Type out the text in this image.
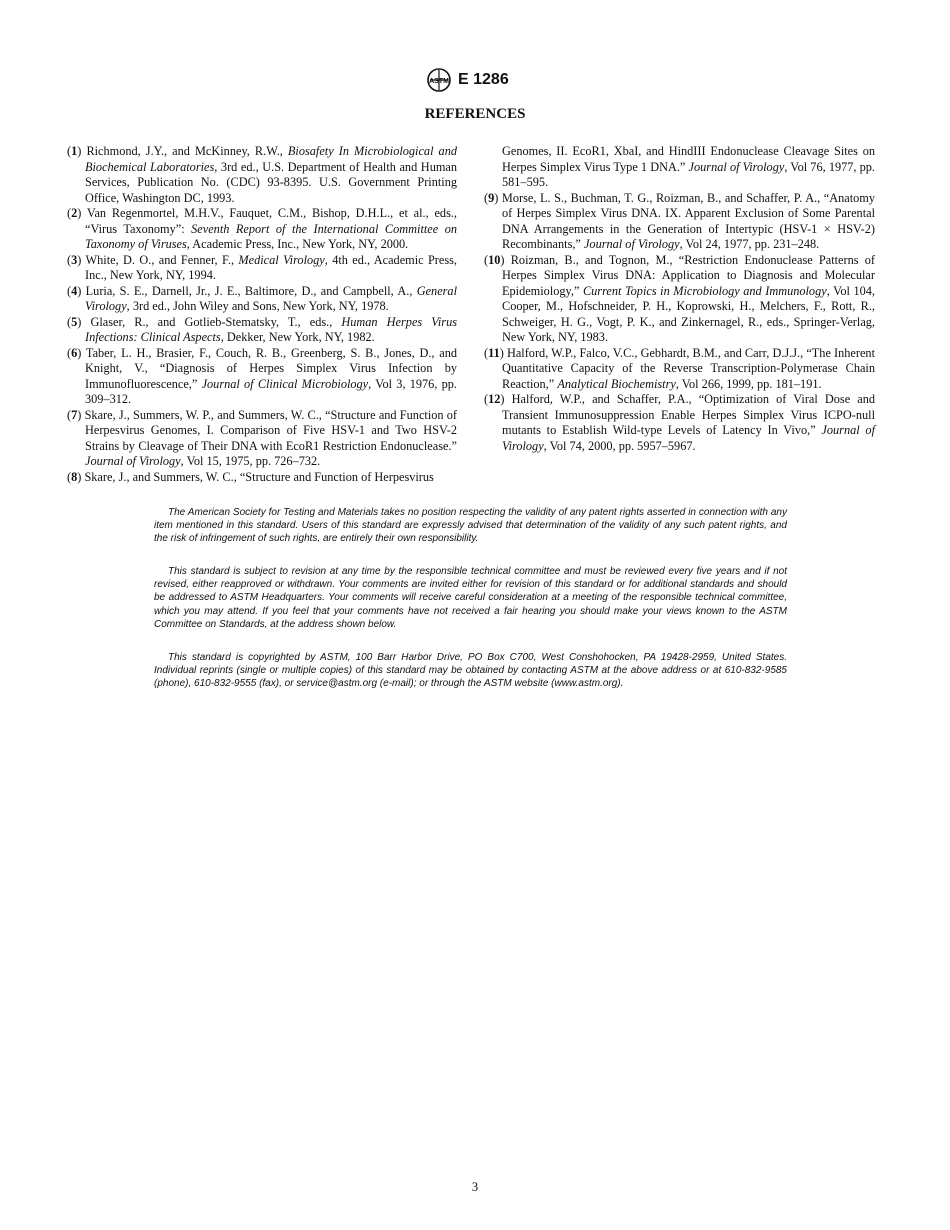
ASTM E 1286
REFERENCES

(1) Richmond, J.Y., and McKinney, R.W., Biosafety In Microbiological and Biochemical Laboratories, 3rd ed., U.S. Department of Health and Human Services, Publication No. (CDC) 93-8395. U.S. Government Printing Office, Washington DC, 1993.

(2) Van Regenmortel, M.H.V., Fauquet, C.M., Bishop, D.H.L., et al., eds., “Virus Taxonomy”: Seventh Report of the International Committee on Taxonomy of Viruses, Academic Press, Inc., New York, NY, 2000.

(3) White, D. O., and Fenner, F., Medical Virology, 4th ed., Academic Press, Inc., New York, NY, 1994.

(4) Luria, S. E., Darnell, Jr., J. E., Baltimore, D., and Campbell, A., General Virology, 3rd ed., John Wiley and Sons, New York, NY, 1978.

(5) Glaser, R., and Gotlieb-Stematsky, T., eds., Human Herpes Virus Infections: Clinical Aspects, Dekker, New York, NY, 1982.

(6) Taber, L. H., Brasier, F., Couch, R. B., Greenberg, S. B., Jones, D., and Knight, V., “Diagnosis of Herpes Simplex Virus Infection by Immunofluorescence,” Journal of Clinical Microbiology, Vol 3, 1976, pp. 309–312.

(7) Skare, J., Summers, W. P., and Summers, W. C., “Structure and Function of Herpesvirus Genomes, I. Comparison of Five HSV-1 and Two HSV-2 Strains by Cleavage of Their DNA with EcoR1 Restriction Endonuclease.” Journal of Virology, Vol 15, 1975, pp. 726–732.

(8) Skare, J., and Summers, W. C., “Structure and Function of Herpesvirus

Genomes, II. EcoR1, XbaI, and HindIII Endonuclease Cleavage Sites on Herpes Simplex Virus Type 1 DNA.” Journal of Virology, Vol 76, 1977, pp. 581–595.

(9) Morse, L. S., Buchman, T. G., Roizman, B., and Schaffer, P. A., “Anatomy of Herpes Simplex Virus DNA. IX. Apparent Exclusion of Some Parental DNA Arrangements in the Generation of Intertypic (HSV-1 × HSV-2) Recombinants,” Journal of Virology, Vol 24, 1977, pp. 231–248.

(10) Roizman, B., and Tognon, M., “Restriction Endonuclease Patterns of Herpes Simplex Virus DNA: Application to Diagnosis and Molecular Epidemiology,” Current Topics in Microbiology and Immunology, Vol 104, Cooper, M., Hofschneider, P. H., Koprowski, H., Melchers, F., Rott, R., Schweiger, H. G., Vogt, P. K., and Zinkernagel, R., eds., Springer-Verlag, New York, NY, 1983.

(11) Halford, W.P., Falco, V.C., Gebhardt, B.M., and Carr, D.J.J., “The Inherent Quantitative Capacity of the Reverse Transcription-Polymerase Chain Reaction,” Analytical Biochemistry, Vol 266, 1999, pp. 181–191.

(12) Halford, W.P., and Schaffer, P.A., “Optimization of Viral Dose and Transient Immunosuppression Enable Herpes Simplex Virus ICPO-null mutants to Establish Wild-type Levels of Latency In Vivo,” Journal of Virology, Vol 74, 2000, pp. 5957–5967.

The American Society for Testing and Materials takes no position respecting the validity of any patent rights asserted in connection with any item mentioned in this standard. Users of this standard are expressly advised that determination of the validity of any such patent rights, and the risk of infringement of such rights, are entirely their own responsibility.

This standard is subject to revision at any time by the responsible technical committee and must be reviewed every five years and if not revised, either reapproved or withdrawn. Your comments are invited either for revision of this standard or for additional standards and should be addressed to ASTM Headquarters. Your comments will receive careful consideration at a meeting of the responsible technical committee, which you may attend. If you feel that your comments have not received a fair hearing you should make your views known to the ASTM Committee on Standards, at the address shown below.

This standard is copyrighted by ASTM, 100 Barr Harbor Drive, PO Box C700, West Conshohocken, PA 19428-2959, United States. Individual reprints (single or multiple copies) of this standard may be obtained by contacting ASTM at the above address or at 610-832-9585 (phone), 610-832-9555 (fax), or service@astm.org (e-mail); or through the ASTM website (www.astm.org).

3
